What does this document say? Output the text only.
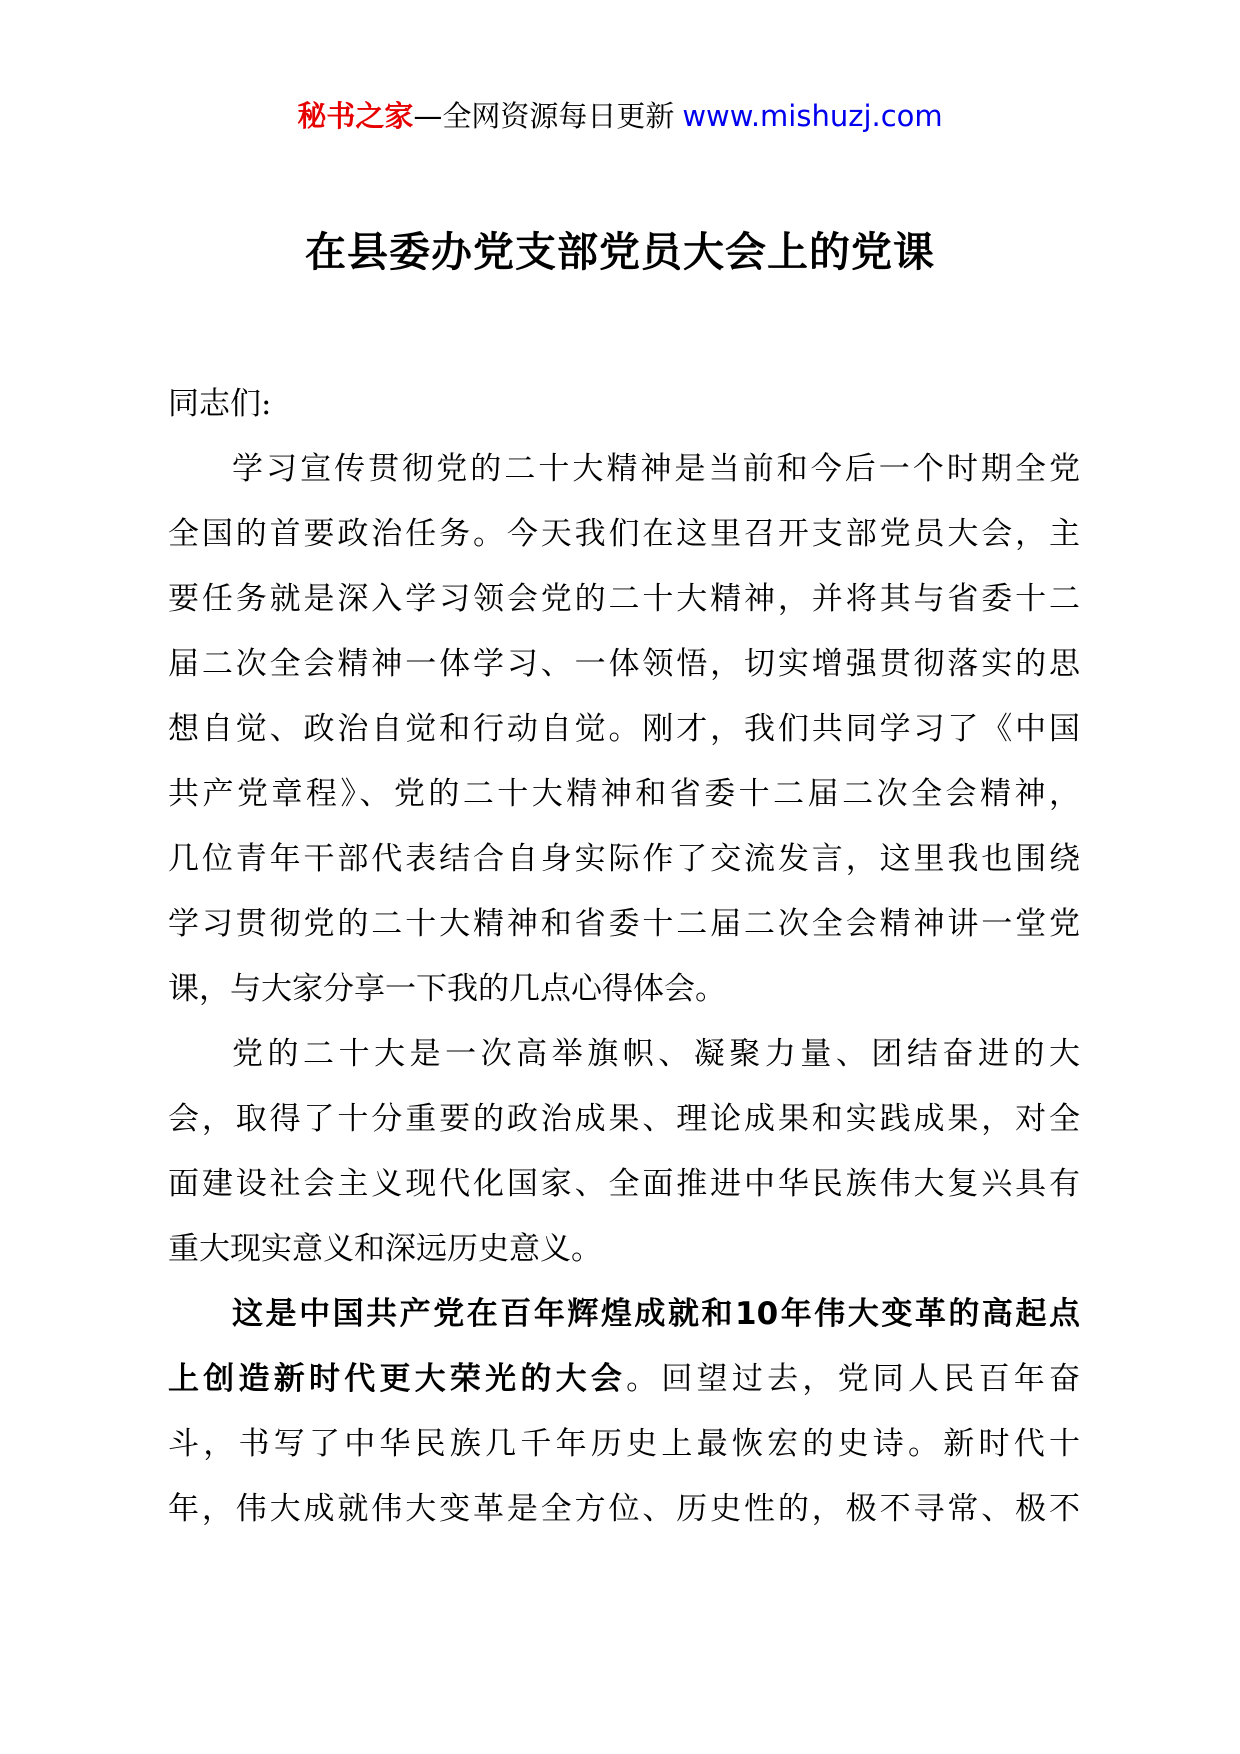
秘书之家—全网资源每日更新 www.mishuzj.com
在县委办党支部党员大会上的党课
同志们:
学习宣传贯彻党的二十大精神是当前和今后一个时期全党
全国的首要政治任务。今天我们在这里召开支部党员大会，主
要任务就是深入学习领会党的二十大精神，并将其与省委十二
届二次全会精神一体学习、一体领悟，切实增强贯彻落实的思
想自觉、政治自觉和行动自觉。刚才，我们共同学习了《中国
共产党章程》、党的二十大精神和省委十二届二次全会精神，
几位青年干部代表结合自身实际作了交流发言，这里我也围绕
学习贯彻党的二十大精神和省委十二届二次全会精神讲一堂党
课，与大家分享一下我的几点心得体会。
党的二十大是一次高举旗帜、凝聚力量、团结奋进的大
会，取得了十分重要的政治成果、理论成果和实践成果，对全
面建设社会主义现代化国家、全面推进中华民族伟大复兴具有
重大现实意义和深远历史意义。
这是中国共产党在百年辉煌成就和10年伟大变革的高起点
上创造新时代更大荣光的大会。回望过去，党同人民百年奋
斗，书写了中华民族几千年历史上最恢宏的史诗。新时代十
年，伟大成就伟大变革是全方位、历史性的，极不寻常、极不
